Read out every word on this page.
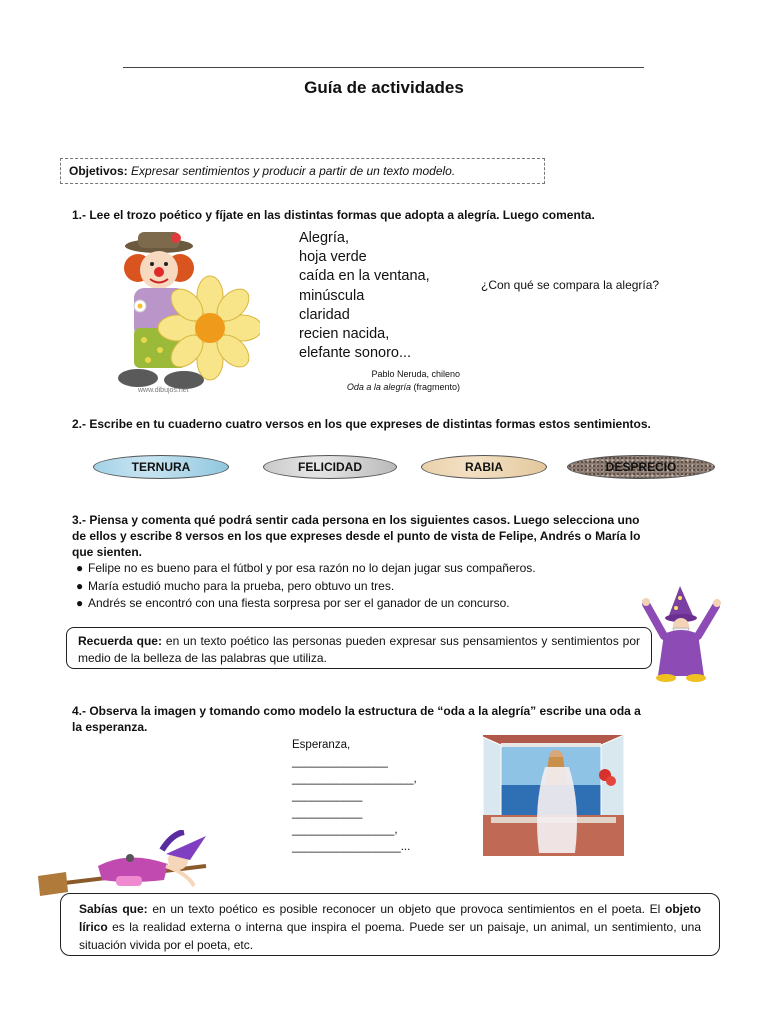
Guía de actividades
Objetivos: Expresar sentimientos y producir a partir de un texto modelo.
1.- Lee el trozo poético y fíjate en las distintas formas que adopta a alegría. Luego comenta.
www.dibujos.net
Alegría,
hoja verde
caída en la ventana,
minúscula
claridad
recien nacida,
elefante sonoro...
Pablo Neruda, chileno
Oda a la alegría (fragmento)
¿Con qué se compara la alegría?
2.- Escribe en tu cuaderno cuatro versos en los que expreses de distintas formas estos sentimientos.
TERNURA	FELICIDAD	RABIA	DESPRECIO
3.- Piensa y comenta qué podrá sentir cada persona en los siguientes casos. Luego selecciona uno
de ellos y escribe 8 versos en los que expreses desde el punto de vista de Felipe, Andrés o María lo
que sienten.
● Felipe no es bueno para el fútbol y por esa razón no lo dejan jugar sus compañeros.
● María estudió mucho para la prueba, pero obtuvo un tres.
● Andrés se encontró con una fiesta sorpresa por ser el ganador de un concurso.
Recuerda que: en un texto poético las personas pueden expresar sus pensamientos y sentimientos por medio de la belleza de las palabras que utiliza.
4.- Observa la imagen y tomando como modelo la estructura de “oda a la alegría” escribe una oda a
la esperanza.
Esperanza,
_______________
___________________,
___________
___________
________________,
_________________...
Sabías que: en un texto poético es posible reconocer un objeto que provoca sentimientos en el poeta. El objeto lírico es la realidad externa o interna que inspira el poema. Puede ser un paisaje, un animal, un sentimiento, una situación vivida por el poeta, etc.
